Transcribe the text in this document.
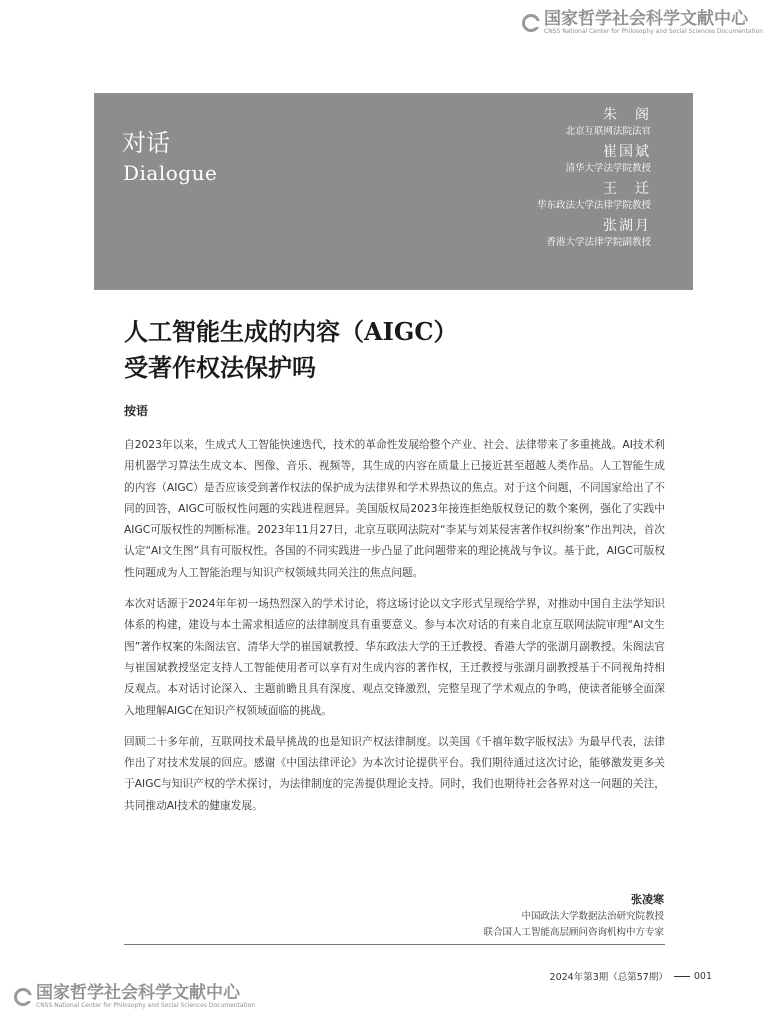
国家哲学社会科学文献中心
CNSS National Center for Philosophy and Social Sciences Documentation
对话
Dialogue
朱　阁
北京互联网法院法官
崔国斌
清华大学法学院教授
王　迁
华东政法大学法律学院教授
张湖月
香港大学法律学院副教授
人工智能生成的内容（AIGC）
受著作权法保护吗
按语

自2023年以来，生成式人工智能快速迭代，技术的革命性发展给整个产业、社会、法律带来了多重挑战。AI技术利用机器学习算法生成文本、图像、音乐、视频等，其生成的内容在质量上已接近甚至超越人类作品。人工智能生成的内容（AIGC）是否应该受到著作权法的保护成为法律界和学术界热议的焦点。对于这个问题，不同国家给出了不同的回答，AIGC可版权性问题的实践进程迥异。美国版权局2023年接连拒绝版权登记的数个案例，强化了实践中AIGC可版权性的判断标准。2023年11月27日，北京互联网法院对“李某与刘某侵害著作权纠纷案”作出判决，首次认定“AI文生图”具有可版权性。各国的不同实践进一步凸显了此问题带来的理论挑战与争议。基于此，AIGC可版权性问题成为人工智能治理与知识产权领域共同关注的焦点问题。

本次对话源于2024年年初一场热烈深入的学术讨论，将这场讨论以文字形式呈现给学界，对推动中国自主法学知识体系的构建，建设与本土需求相适应的法律制度具有重要意义。参与本次对话的有来自北京互联网法院审理“AI文生图”著作权案的朱阁法官、清华大学的崔国斌教授、华东政法大学的王迁教授、香港大学的张湖月副教授。朱阁法官与崔国斌教授坚定支持人工智能使用者可以享有对生成内容的著作权，王迁教授与张湖月副教授基于不同视角持相反观点。本对话讨论深入、主题前瞻且具有深度、观点交锋激烈，完整呈现了学术观点的争鸣，使读者能够全面深入地理解AIGC在知识产权领域面临的挑战。

回顾二十多年前，互联网技术最早挑战的也是知识产权法律制度。以美国《千禧年数字版权法》为最早代表，法律作出了对技术发展的回应。感谢《中国法律评论》为本次讨论提供平台。我们期待通过这次讨论，能够激发更多关于AIGC与知识产权的学术探讨，为法律制度的完善提供理论支持。同时，我们也期待社会各界对这一问题的关注，共同推动AI技术的健康发展。

张凌寒
中国政法大学数据法治研究院教授
联合国人工智能高层顾问咨询机构中方专家
2024年第3期（总第57期）	001
国家哲学社会科学文献中心
CNSS National Center for Philosophy and Social Sciences Documentation
